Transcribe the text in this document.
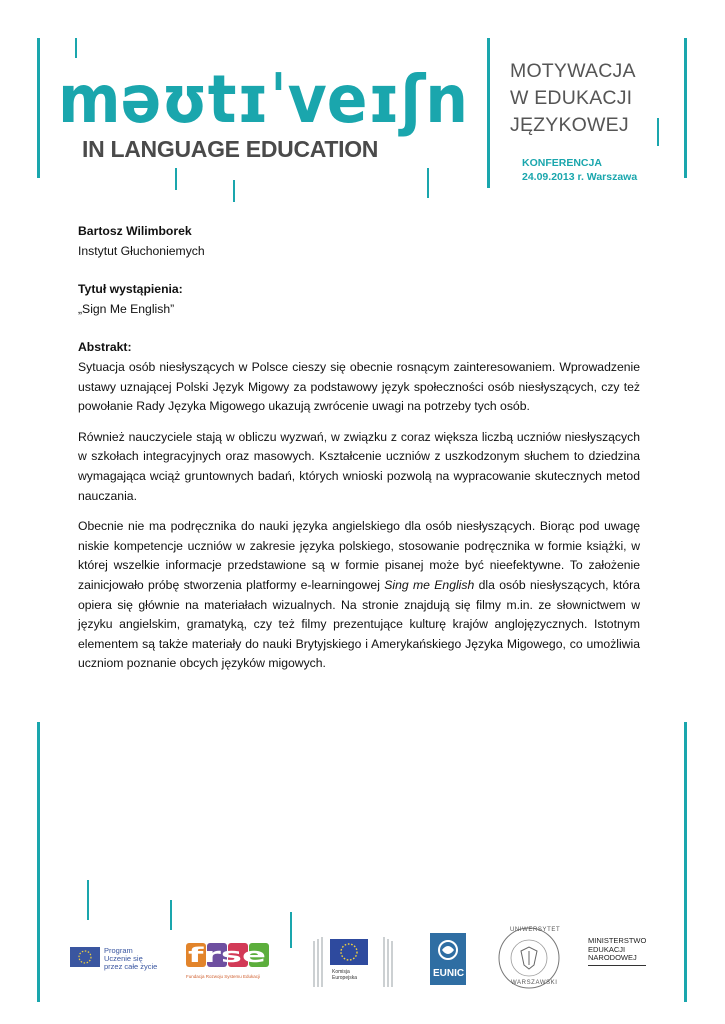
məʊtɪˈveɪʃn
IN LANGUAGE EDUCATION
MOTYWACJA
W EDUKACJI
JĘZYKOWEJ
KONFERENCJA
24.09.2013 r. Warszawa

Bartosz Wilimborek

Instytut Głuchoniemych

Tytuł wystąpienia:

„Sign Me English”

Abstrakt:

Sytuacja osób niesłyszących w Polsce cieszy się obecnie rosnącym zainteresowaniem. Wprowadzenie ustawy uznającej Polski Język Migowy za podstawowy język społeczności osób niesłyszących, czy też powołanie Rady Języka Migowego ukazują zwrócenie uwagi na potrzeby tych osób.

Również nauczyciele stają w obliczu wyzwań, w związku z coraz większa liczbą uczniów niesłyszących w szkołach integracyjnych oraz masowych. Kształcenie uczniów z uszkodzonym słuchem to dziedzina wymagająca wciąż gruntownych badań, których wnioski pozwolą na wypracowanie skutecznych metod nauczania.

Obecnie nie ma podręcznika do nauki języka angielskiego dla osób niesłyszących. Biorąc pod uwagę niskie kompetencje uczniów w zakresie języka polskiego, stosowanie podręcznika w formie książki, w której wszelkie informacje przedstawione są w formie pisanej może być nieefektywne. To założenie zainicjowało próbę stworzenia platformy e-learningowej Sing me English dla osób niesłyszących, która opiera się głównie na materiałach wizualnych. Na stronie znajdują się filmy m.in. ze słownictwem w języku angielskim, gramatyką, czy też filmy prezentujące kulturę krajów anglojęzycznych. Istotnym elementem są także materiały do nauki Brytyjskiego i Amerykańskiego Języka Migowego, co umożliwia uczniom poznanie obcych języków migowych.

Program
Uczenie się
przez całe życie frse
Fundacja Rozwoju Systemu Edukacji
Komisja
Europejska	EUNIC
UNIWERSYTET
WARSZAWSKI
MINISTERSTWO
EDUKACJI
NARODOWEJ
